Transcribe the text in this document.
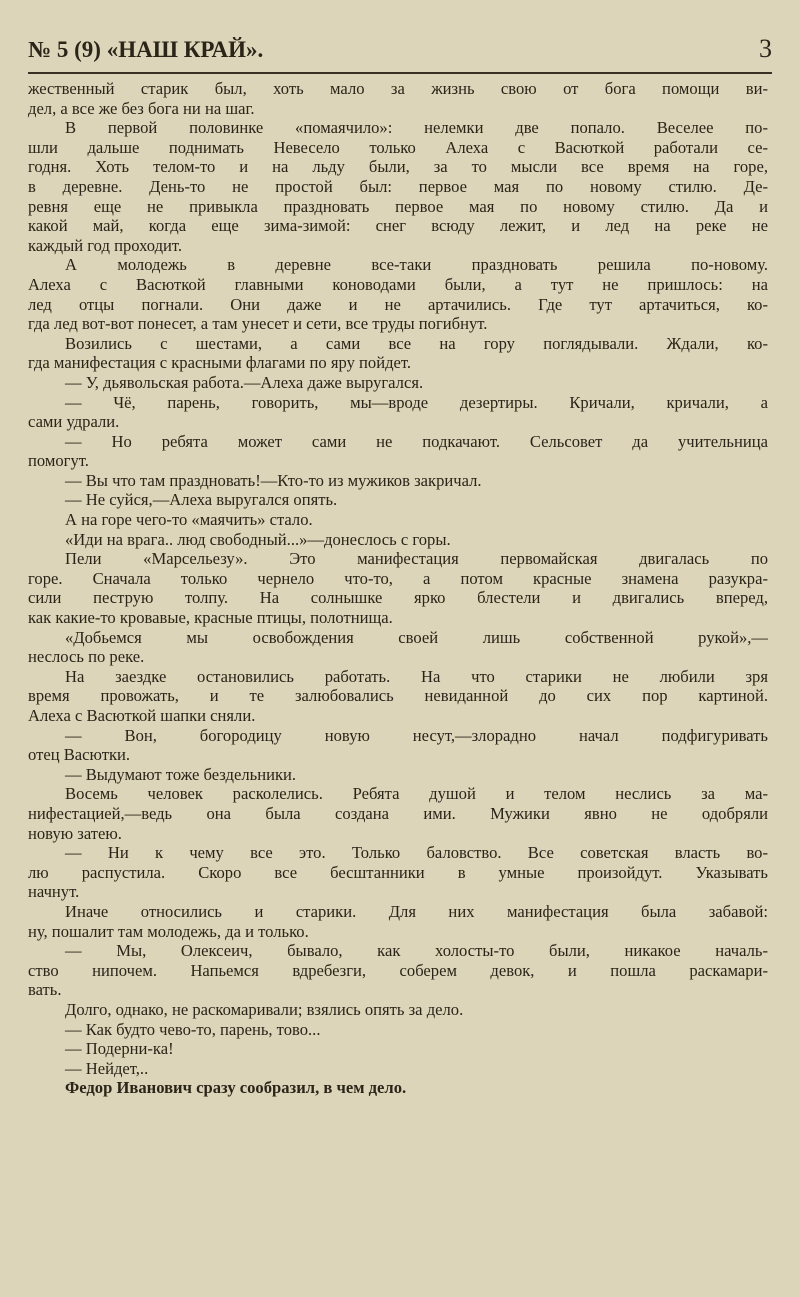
№ 5 (9) «НАШ КРАЙ».	3
жественный старик был, хоть мало за жизнь свою от бога помощи ви-
дел, а все же без бога ни на шаг.
В первой половинке «помаячило»: нелемки две попало. Веселее по-
шли дальше поднимать Невесело только Алеха с Васюткой работали се-
годня. Хоть телом-то и на льду были, за то мысли все время на горе,
в деревне. День-то не простой был: первое мая по новому стилю. Де-
ревня еще не привыкла праздновать первое мая по новому стилю. Да и
какой май, когда еще зима-зимой: снег всюду лежит, и лед на реке не
каждый год проходит.
А молодежь в деревне все-таки праздновать решила по-новому.
Алеха с Васюткой главными коноводами были, а тут не пришлось: на
лед отцы погнали. Они даже и не артачились. Где тут артачиться, ко-
гда лед вот-вот понесет, а там унесет и сети, все труды погибнут.
Возились с шестами, а сами все на гору поглядывали. Ждали, ко-
гда манифестация с красными флагами по яру пойдет.
— У, дьявольская работа.—Алеха даже выругался.
— Чё, парень, говорить, мы—вроде дезертиры. Кричали, кричали, а
сами удрали.
— Но ребята может сами не подкачают. Сельсовет да учительница
помогут.
— Вы что там праздновать!—Кто-то из мужиков закричал.
— Не суйся,—Алеха выругался опять.
А на горе чего-то «маячить» стало.
«Иди на врага.. люд свободный...»—донеслось с горы.
Пели «Марсельезу». Это манифестация первомайская двигалась по
горе. Сначала только чернело что-то, а потом красные знамена разукра-
сили пеструю толпу. На солнышке ярко блестели и двигались вперед,
как какие-то кровавые, красные птицы, полотнища.
«Добьемся мы освобождения своей лишь собственной рукой»,—
неслось по реке.
На заездке остановились работать. На что старики не любили зря
время провожать, и те залюбовались невиданной до сих пор картиной.
Алеха с Васюткой шапки сняли.
— Вон, богородицу новую несут,—злорадно начал подфигуривать
отец Васютки.
— Выдумают тоже бездельники.
Восемь человек расколелись. Ребята душой и телом неслись за ма-
нифестацией,—ведь она была создана ими. Мужики явно не одобряли
новую затею.
— Ни к чему все это. Только баловство. Все советская власть во-
лю распустила. Скоро все бесштанники в умные произойдут. Указывать
начнут.
Иначе относились и старики. Для них манифестация была забавой:
ну, пошалит там молодежь, да и только.
— Мы, Олексеич, бывало, как холосты-то были, никакое началь-
ство нипочем. Напьемся вдребезги, соберем девок, и пошла раскамари-
вать.
Долго, однако, не раскомаривали; взялись опять за дело.
— Как будто чево-то, парень, тово...
— Подерни-ка!
— Нейдет,..
Федор Иванович сразу сообразил, в чем дело.
